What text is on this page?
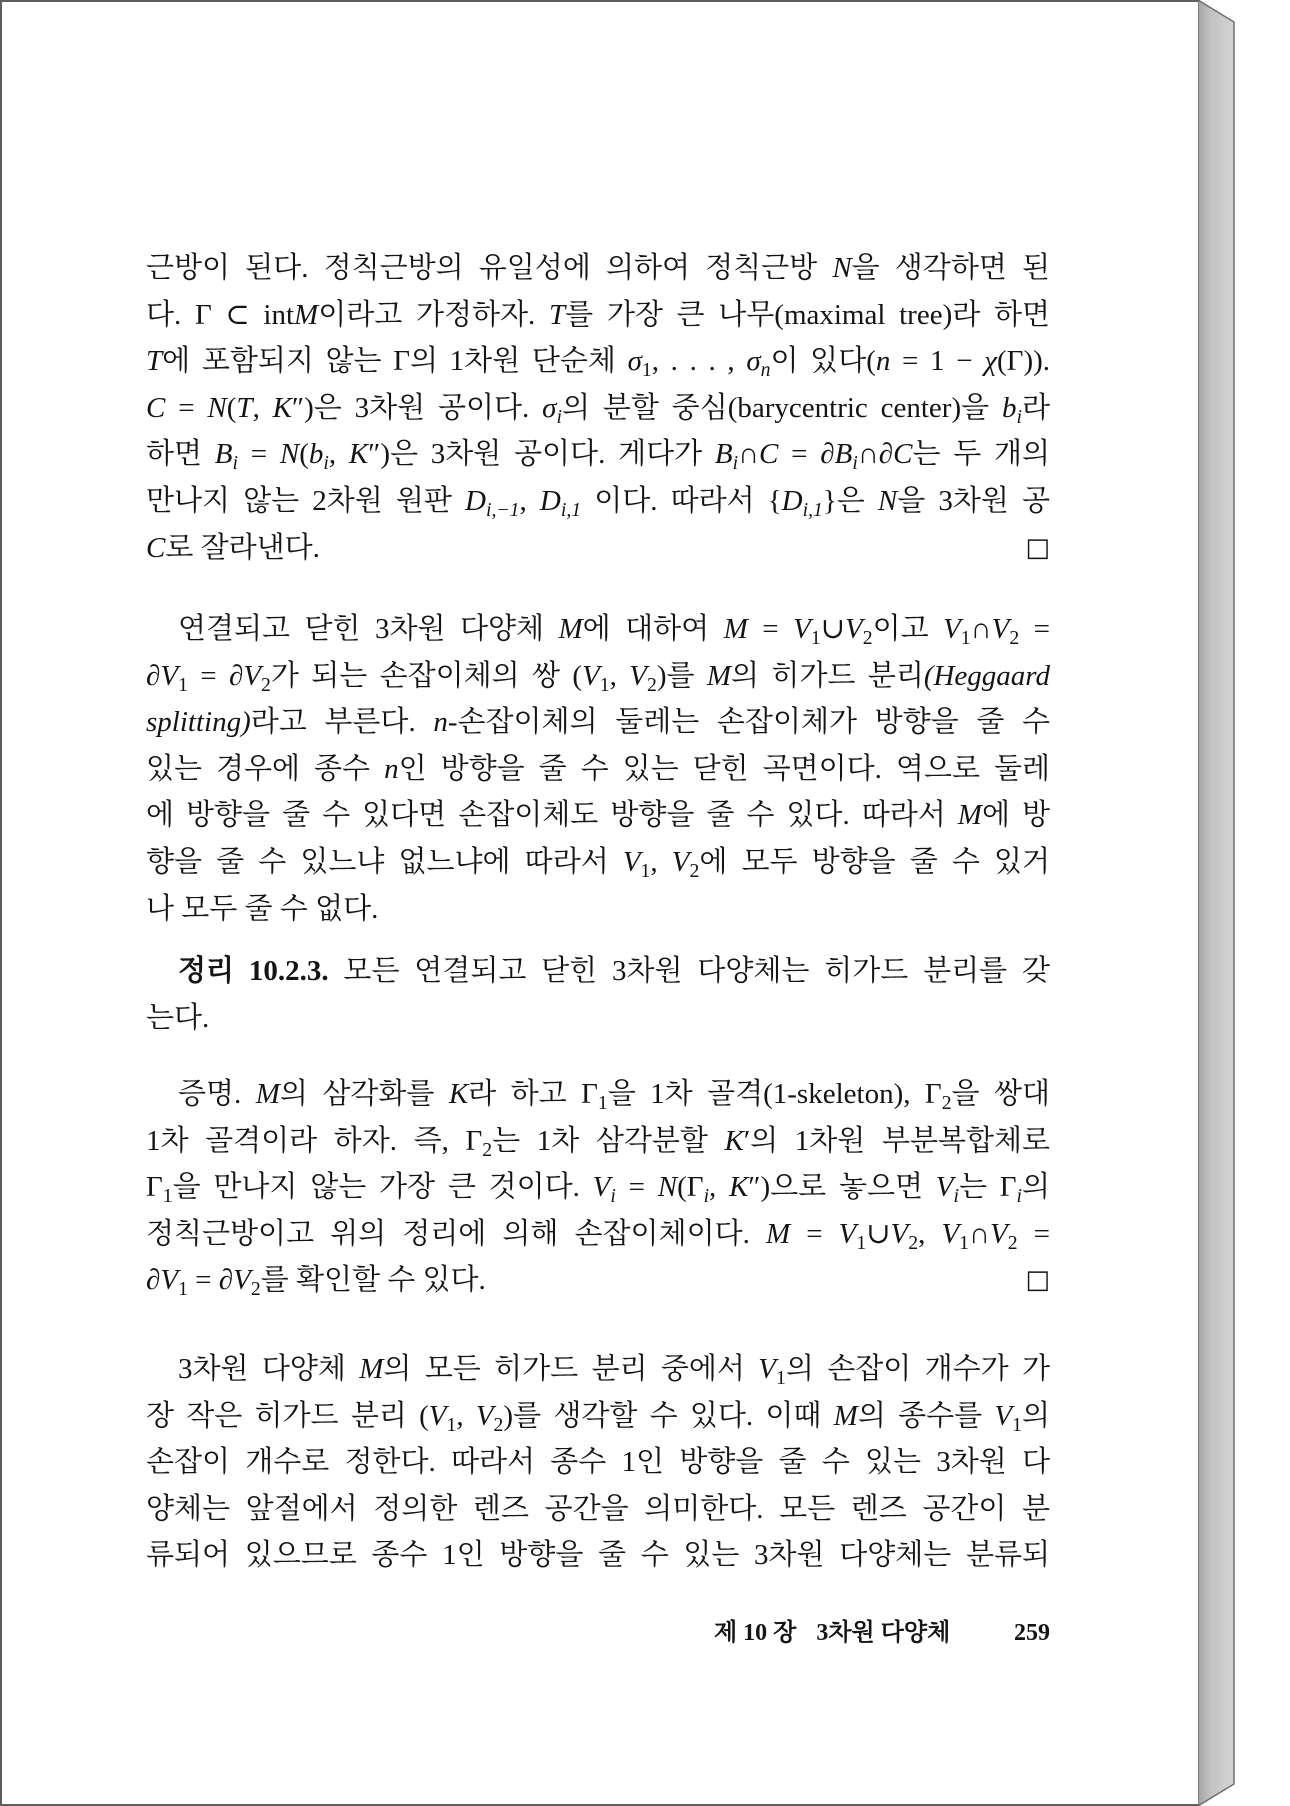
근방이 된다. 정칙근방의 유일성에 의하여 정칙근방 N을 생각하면 된
다. Γ ⊂ intM이라고 가정하자. T를 가장 큰 나무(maximal tree)라 하면
T에 포함되지 않는 Γ의 1차원 단순체 $\sigma_1$, . . . , $\sigma_n$이 있다(n = 1 − χ(Γ)).
C = N(T, K″)은 3차원 공이다. $\sigma_i$의 분할 중심(barycentric center)을 $b_i$라
하면 $B_i = N(b_i$, K″)은 3차원 공이다. 게다가 $B_i\cap C$ = $\partial B_i\cap\partial C$는 두 개의
만나지 않는 2차원 원판 $D_{i,-1}$, $D_{i,1}$ 이다. 따라서 $\{D_{i,1}\}$은 N을 3차원 공
C로 잘라낸다.	□
연결되고 닫힌 3차원 다양체 M에 대하여 $M = V_1\cup V_2$이고 $V_1\cap V_2$ =
$\partial V_1 = \partial V_2$가 되는 손잡이체의 쌍 ($V_1$, $V_2$)를 M의 히가드 분리(Heggaard
splitting)라고 부른다. n-손잡이체의 둘레는 손잡이체가 방향을 줄 수
있는 경우에 종수 n인 방향을 줄 수 있는 닫힌 곡면이다. 역으로 둘레
에 방향을 줄 수 있다면 손잡이체도 방향을 줄 수 있다. 따라서 M에 방
향을 줄 수 있느냐 없느냐에 따라서 $V_1$, $V_2$에 모두 방향을 줄 수 있거
나 모두 줄 수 없다.
정리 10.2.3. 모든 연결되고 닫힌 3차원 다양체는 히가드 분리를 갖
는다.
증명. M의 삼각화를 K라 하고 $\Gamma_1$을 1차 골격(1-skeleton), $\Gamma_2$을 쌍대
1차 골격이라 하자. 즉, $\Gamma_2$는 1차 삼각분할 K′의 1차원 부분복합체로
$\Gamma_1$을 만나지 않는 가장 큰 것이다. $V_i = N(\Gamma_i$, K″)으로 놓으면 $V_i$는 $\Gamma_i$의
정칙근방이고 위의 정리에 의해 손잡이체이다. $M = V_1\cup V_2$, $V_1\cap V_2$ =
$\partial V_1 = \partial V_2$를 확인할 수 있다.	□
3차원 다양체 M의 모든 히가드 분리 중에서 $V_1$의 손잡이 개수가 가
장 작은 히가드 분리 ($V_1$, $V_2$)를 생각할 수 있다. 이때 M의 종수를 $V_1$의
손잡이 개수로 정한다. 따라서 종수 1인 방향을 줄 수 있는 3차원 다
양체는 앞절에서 정의한 렌즈 공간을 의미한다. 모든 렌즈 공간이 분
류되어 있으므로 종수 1인 방향을 줄 수 있는 3차원 다양체는 분류되
제 10 장 3차원 다양체	259
